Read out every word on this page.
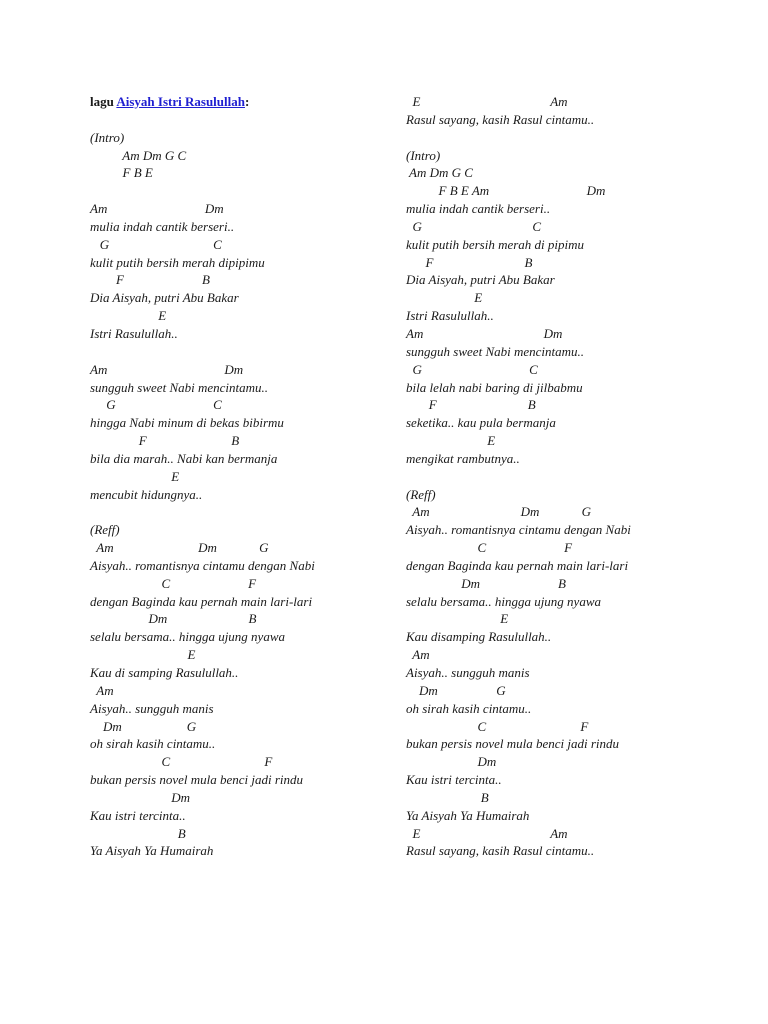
lagu Aisyah Istri Rasulullah:
(Intro)
Am Dm G C
F B E
Am                              Dm
mulia indah cantik berseri..
G                                C
kulit putih bersih merah dipipimu
F                        B
Dia Aisyah, putri Abu Bakar
E
Istri Rasulullah..
Am                                    Dm
sungguh sweet Nabi mencintamu..
G                              C
hingga Nabi minum di bekas bibirmu
F                          B
bila dia marah.. Nabi kan bermanja
E
mencubit hidungnya..
(Reff)
Am                          Dm             G
Aisyah.. romantisnya cintamu dengan Nabi
C                        F
dengan Baginda kau pernah main lari-lari
Dm                         B
selalu bersama.. hingga ujung nyawa
E
Kau di samping Rasulullah..
Am
Aisyah.. sungguh manis
Dm                    G
oh sirah kasih cintamu..
C                             F
bukan persis novel mula benci jadi rindu
Dm
Kau istri tercinta..
B
Ya Aisyah Ya Humairah
E                                        Am
Rasul sayang, kasih Rasul cintamu..
(Intro)
Am Dm G C
F B E Am                              Dm
mulia indah cantik berseri..
G                                  C
kulit putih bersih merah di pipimu
F                            B
Dia Aisyah, putri Abu Bakar
E
Istri Rasulullah..
Am                                     Dm
sungguh sweet Nabi mencintamu..
G                                 C
bila lelah nabi baring di jilbabmu
F                            B
seketika.. kau pula bermanja
E
mengikat rambutnya..
(Reff)
Am                            Dm             G
Aisyah.. romantisnya cintamu dengan Nabi
C                        F
dengan Baginda kau pernah main lari-lari
Dm                        B
selalu bersama.. hingga ujung nyawa
E
Kau disamping Rasulullah..
Am
Aisyah.. sungguh manis
Dm                  G
oh sirah kasih cintamu..
C                             F
bukan persis novel mula benci jadi rindu
Dm
Kau istri tercinta..
B
Ya Aisyah Ya Humairah
E                                        Am
Rasul sayang, kasih Rasul cintamu..
